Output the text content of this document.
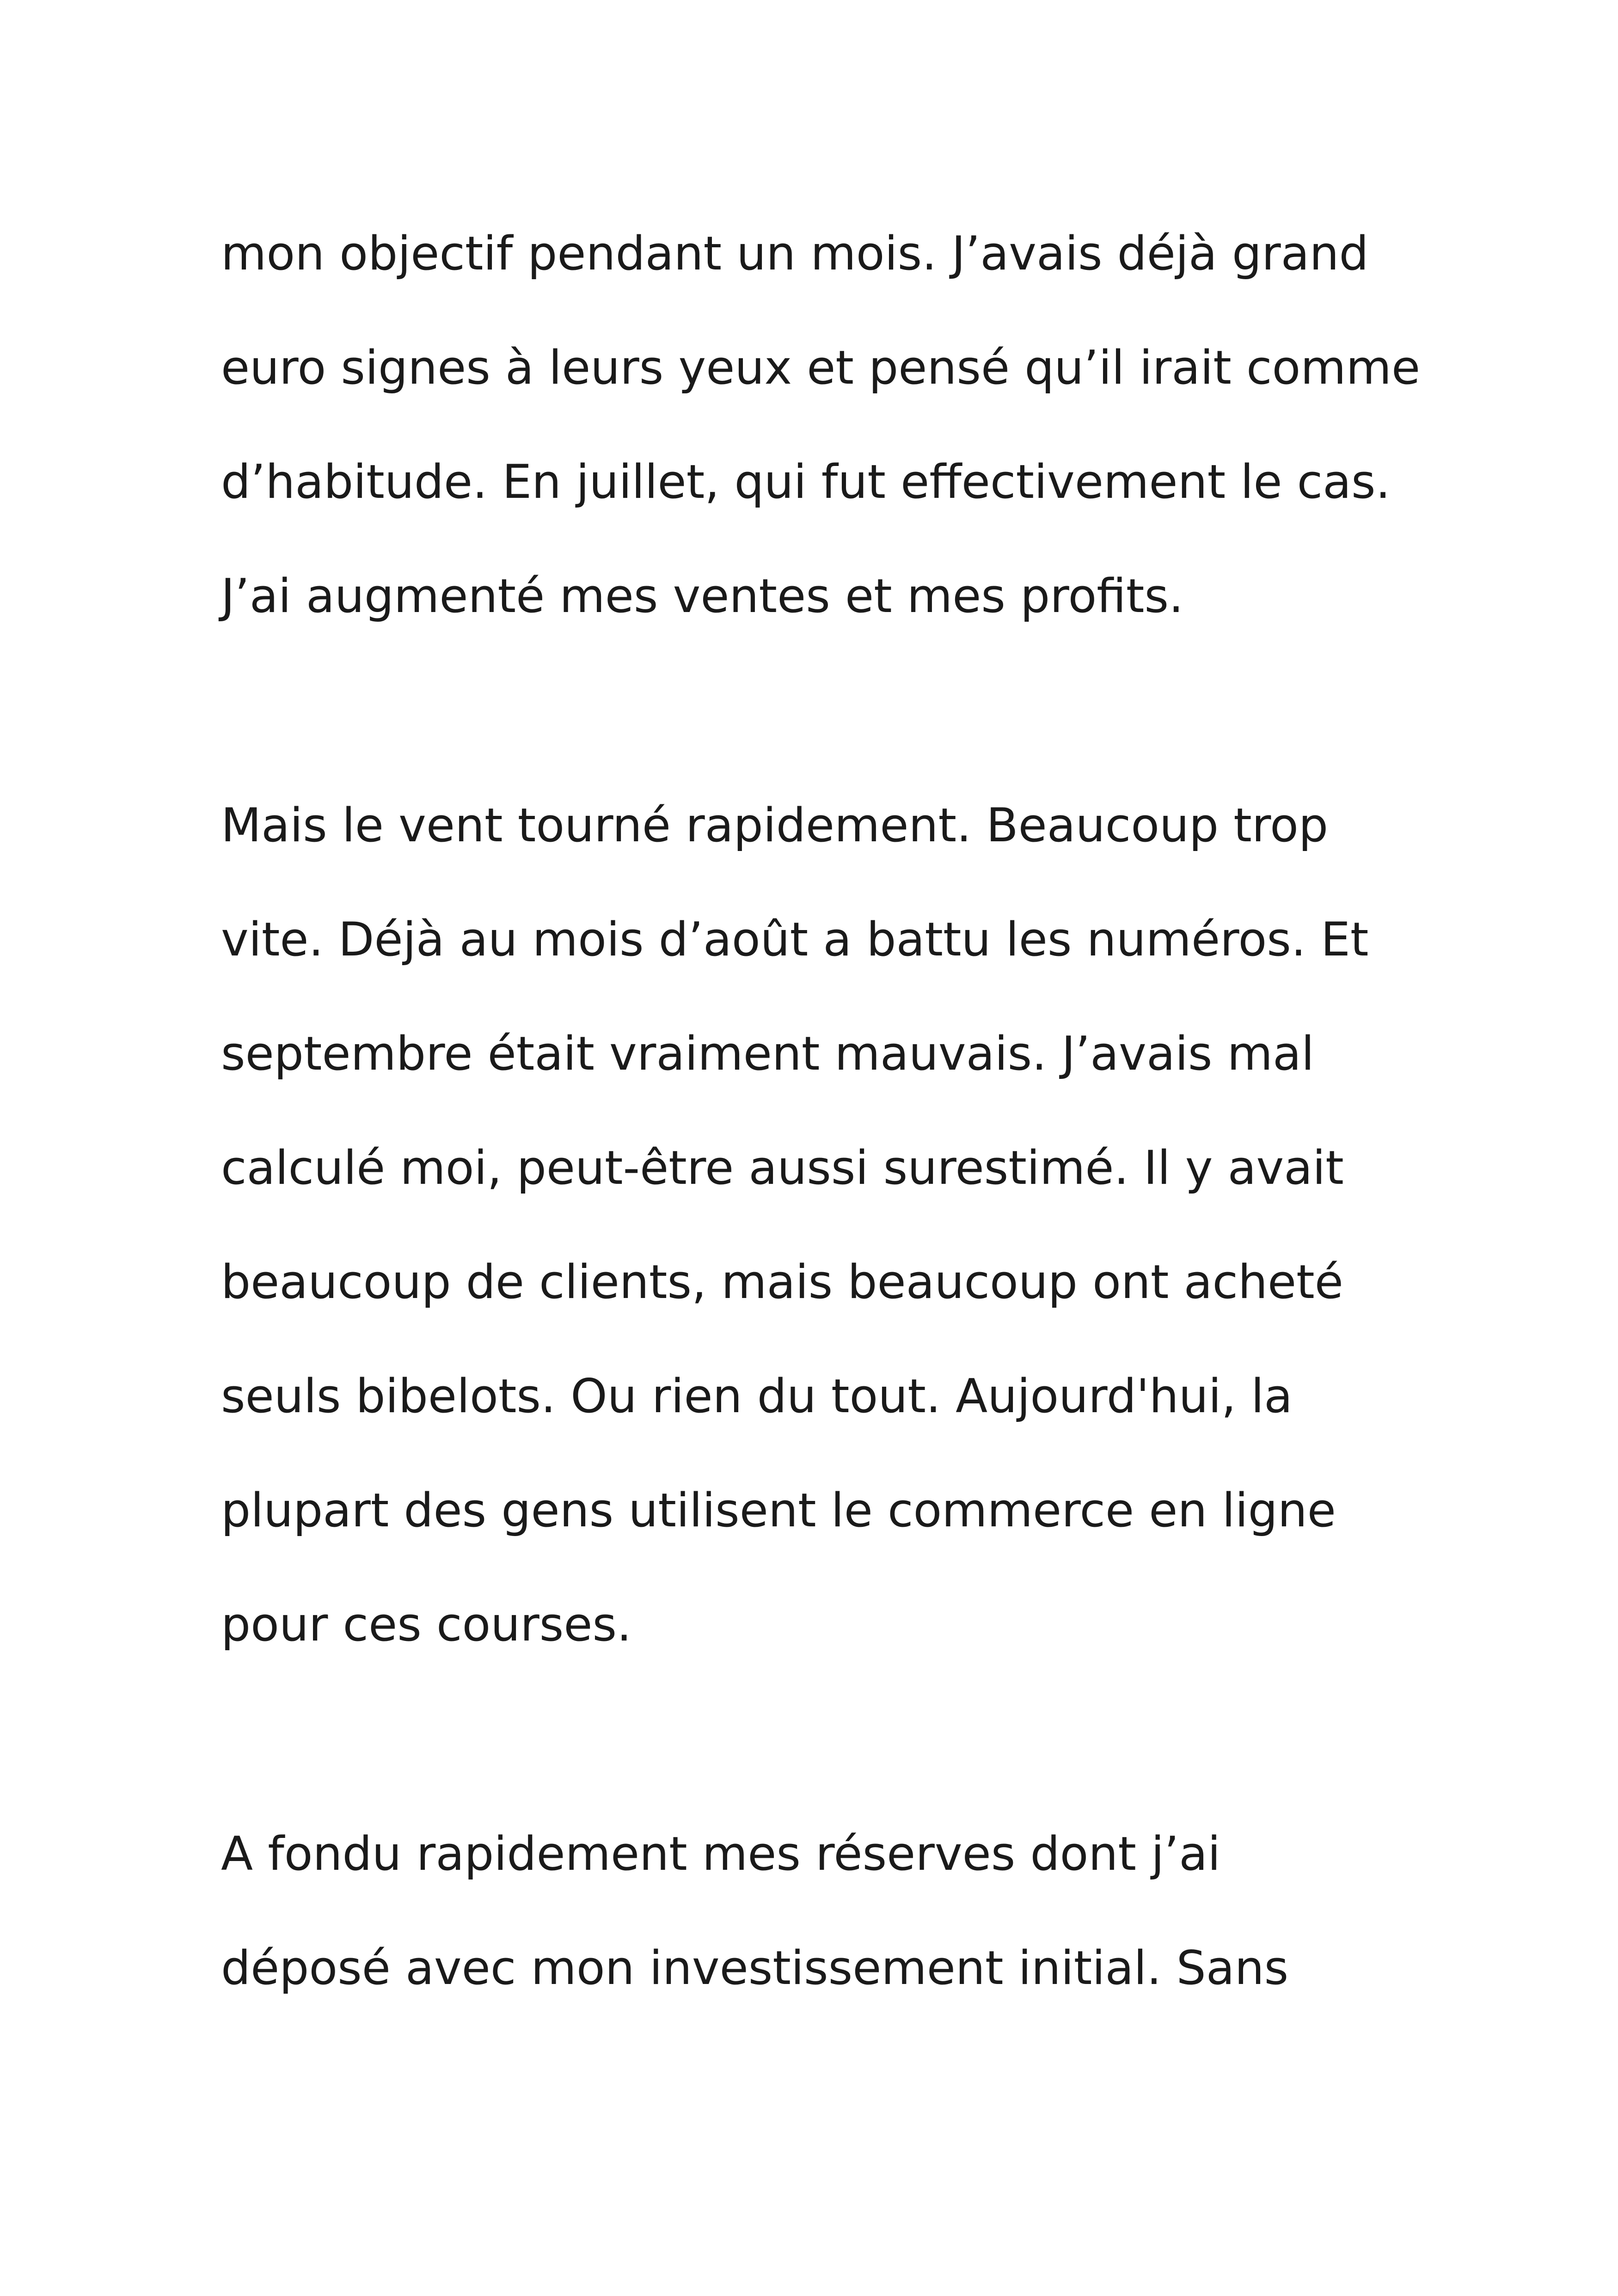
mon objectif pendant un mois. J’avais déjà grand
euro signes à leurs yeux et pensé qu’il irait comme
d’habitude. En juillet, qui fut effectivement le cas.
J’ai augmenté mes ventes et mes profits.
Mais le vent tourné rapidement. Beaucoup trop
vite. Déjà au mois d’août a battu les numéros. Et
septembre était vraiment mauvais. J’avais mal
calculé moi, peut-être aussi surestimé. Il y avait
beaucoup de clients, mais beaucoup ont acheté
seuls bibelots. Ou rien du tout. Aujourd'hui, la
plupart des gens utilisent le commerce en ligne
pour ces courses.
A fondu rapidement mes réserves dont j’ai
déposé avec mon investissement initial. Sans
